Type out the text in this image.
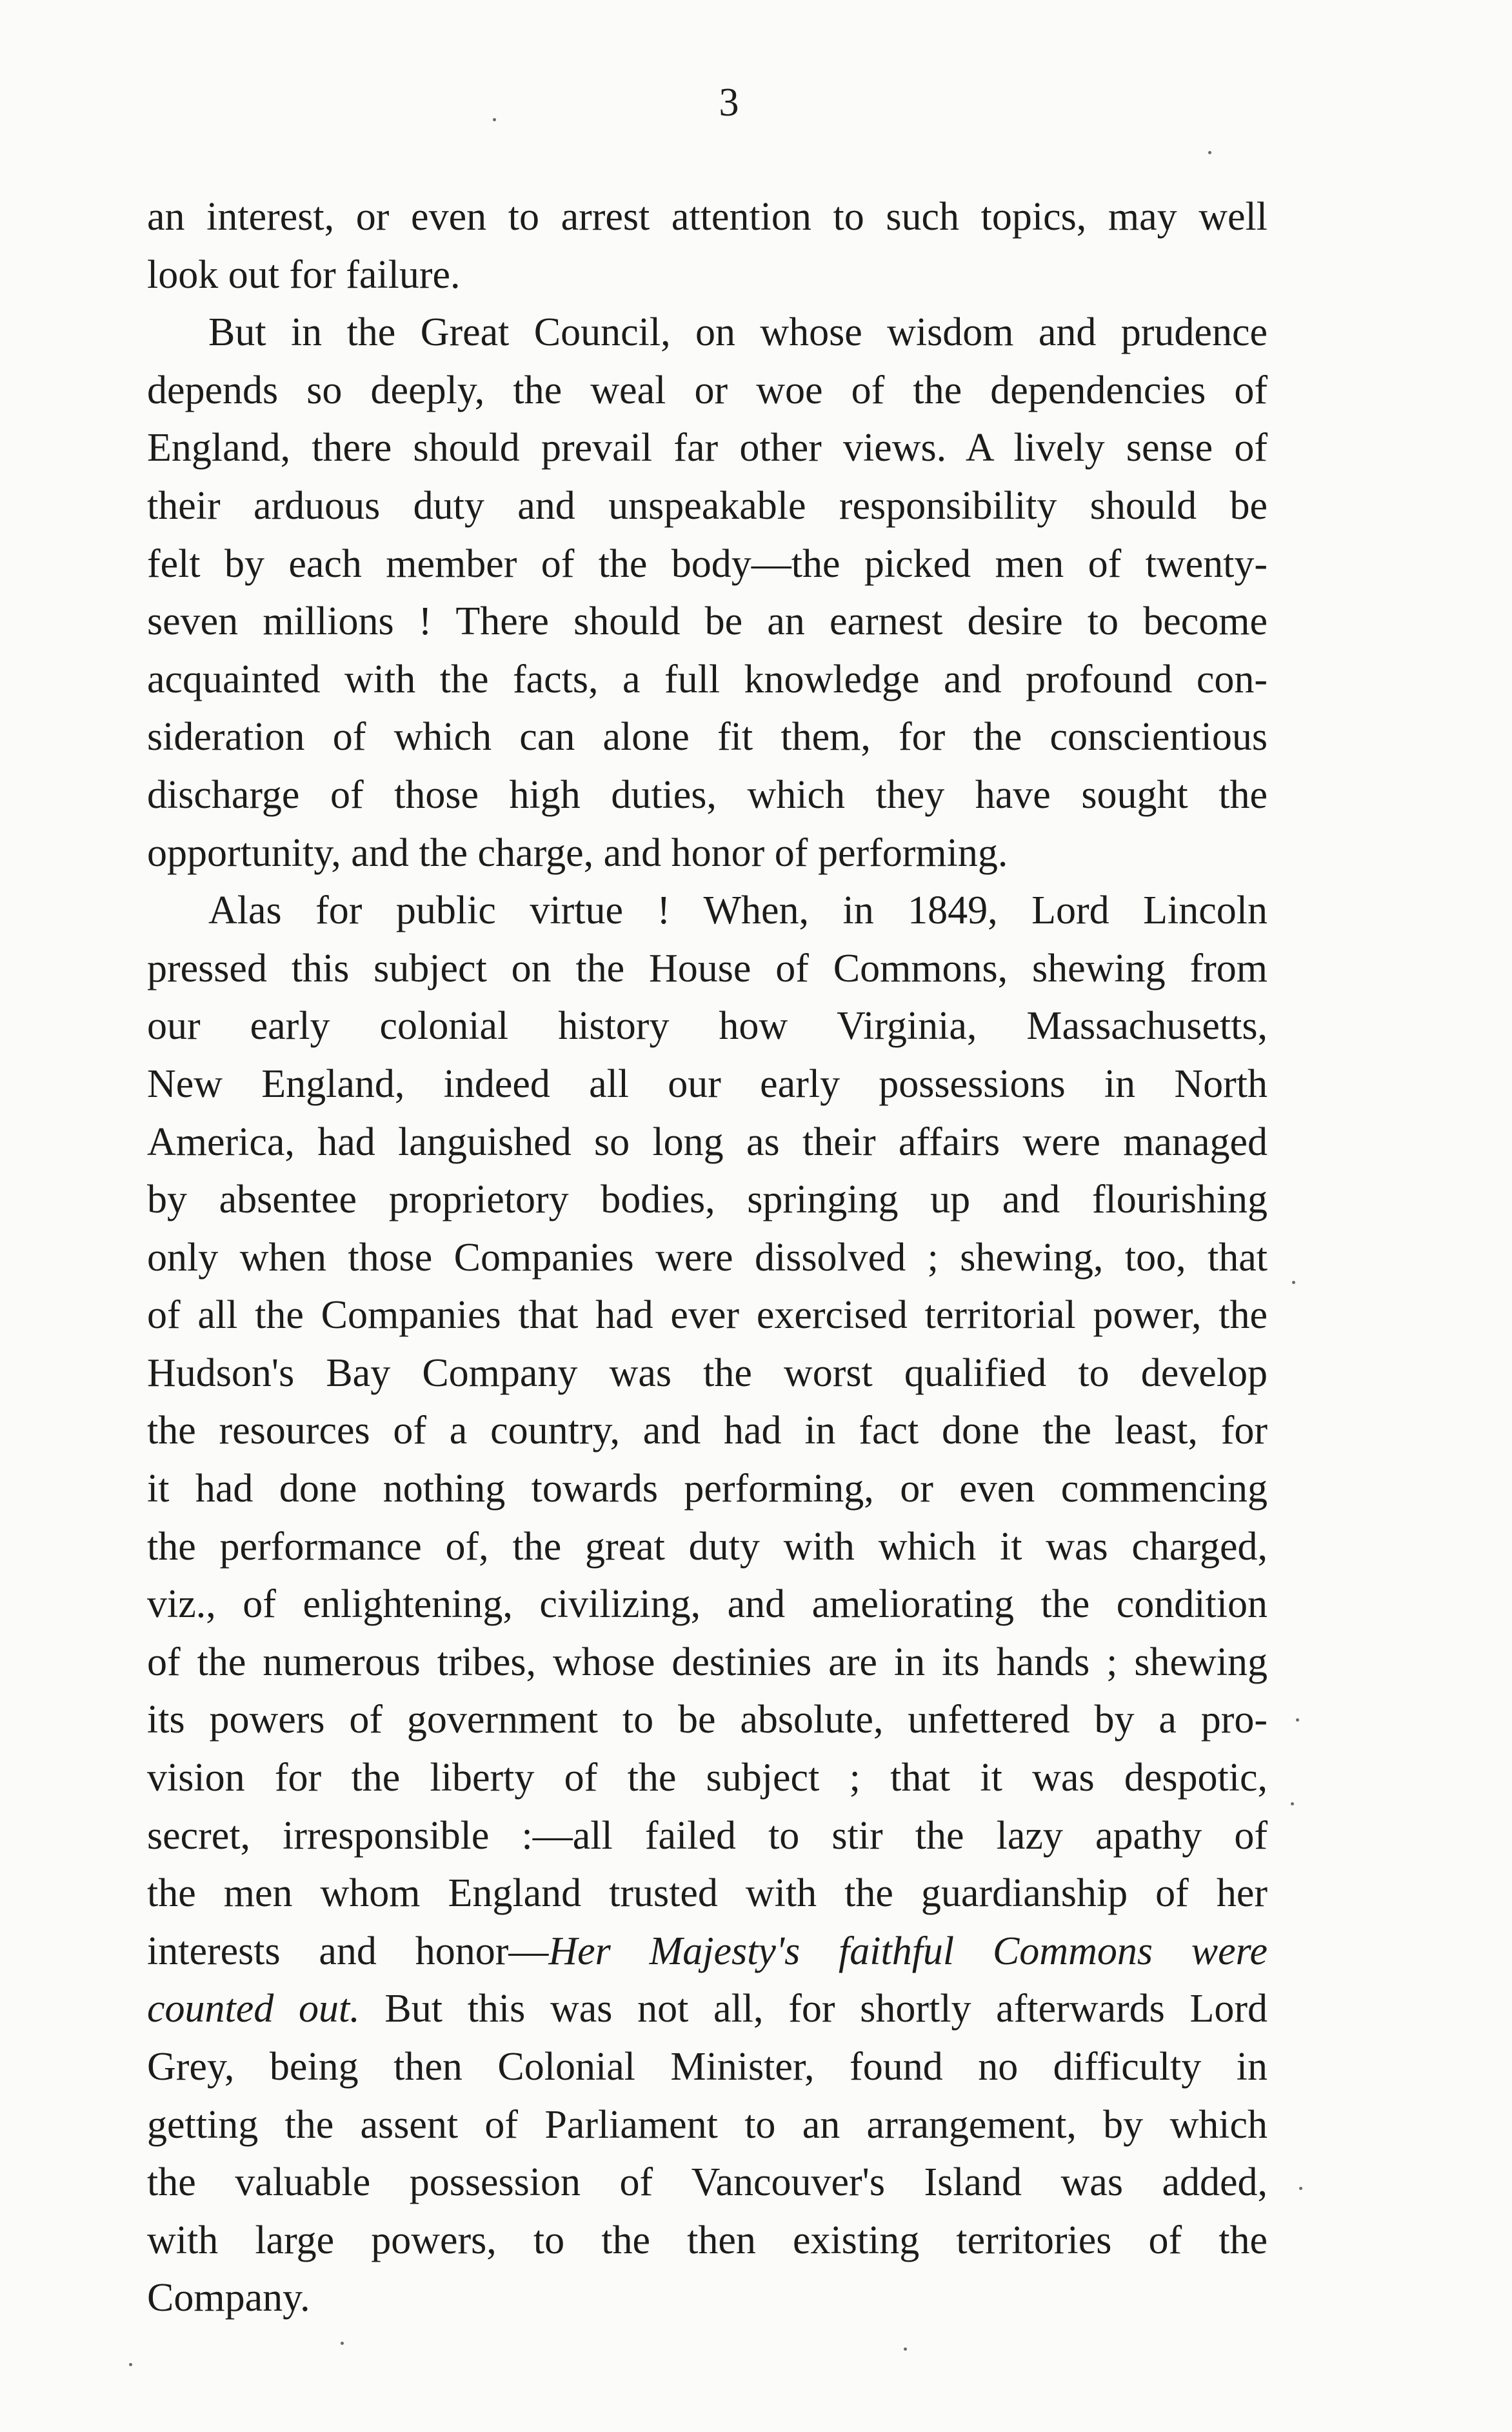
3
an interest, or even to arrest attention to such topics, may well
look out for failure.
But in the Great Council, on whose wisdom and prudence
depends so deeply, the weal or woe of the dependencies of
England, there should prevail far other views. A lively sense of
their arduous duty and unspeakable responsibility should be
felt by each member of the body—the picked men of twenty-
seven millions ! There should be an earnest desire to become
acquainted with the facts, a full knowledge and profound con-
sideration of which can alone fit them, for the conscientious
discharge of those high duties, which they have sought the
opportunity, and the charge, and honor of performing.
Alas for public virtue ! When, in 1849, Lord Lincoln
pressed this subject on the House of Commons, shewing from
our early colonial history how Virginia, Massachusetts,
New England, indeed all our early possessions in North
America, had languished so long as their affairs were managed
by absentee proprietory bodies, springing up and flourishing
only when those Companies were dissolved ; shewing, too, that
of all the Companies that had ever exercised territorial power, the
Hudson's Bay Company was the worst qualified to develop
the resources of a country, and had in fact done the least, for
it had done nothing towards performing, or even commencing
the performance of, the great duty with which it was charged,
viz., of enlightening, civilizing, and ameliorating the condition
of the numerous tribes, whose destinies are in its hands ; shewing
its powers of government to be absolute, unfettered by a pro-
vision for the liberty of the subject ; that it was despotic,
secret, irresponsible :—all failed to stir the lazy apathy of
the men whom England trusted with the guardianship of her
interests and honor—Her Majesty's faithful Commons were
counted out. But this was not all, for shortly afterwards Lord
Grey, being then Colonial Minister, found no difficulty in
getting the assent of Parliament to an arrangement, by which
the valuable possession of Vancouver's Island was added,
with large powers, to the then existing territories of the
Company.
